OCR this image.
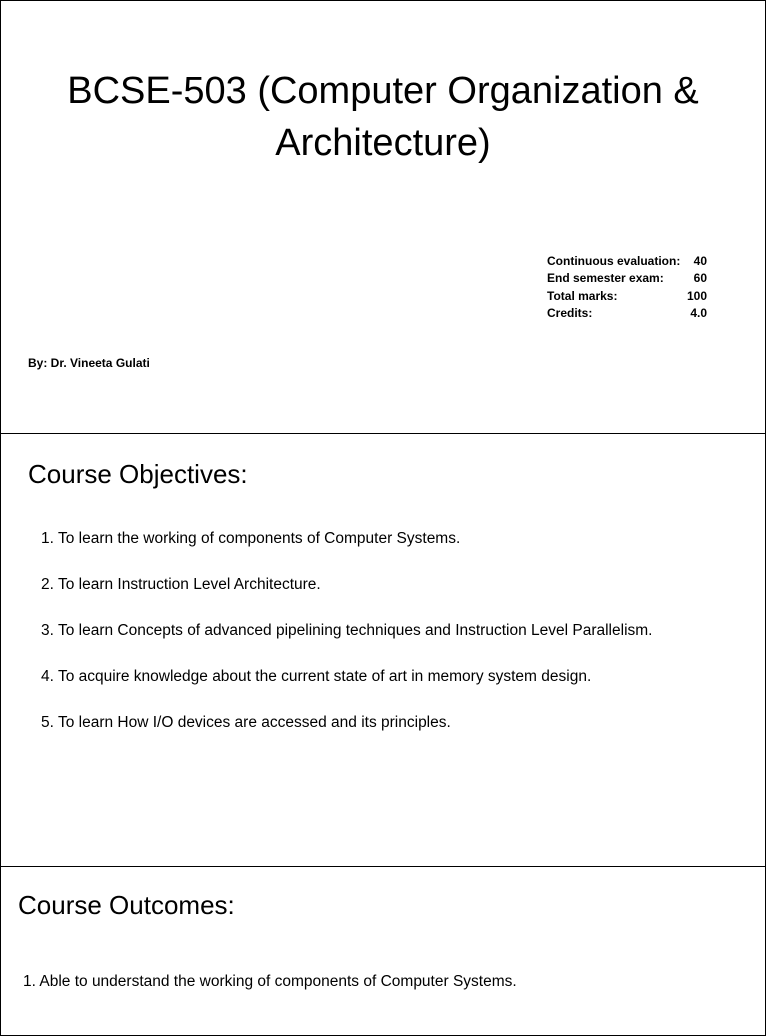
BCSE-503 (Computer Organization &
Architecture)
Continuous evaluation: 40
End semester exam: 60
Total marks:	100
Credits:	4.0
By: Dr. Vineeta Gulati
Course Objectives:
1. To learn the working of components of Computer Systems.
2. To learn Instruction Level Architecture.
3. To learn Concepts of advanced pipelining techniques and Instruction Level Parallelism.
4. To acquire knowledge about the current state of art in memory system design.
5. To learn How I/O devices are accessed and its principles.
Course Outcomes:
1. Able to understand the working of components of Computer Systems.
